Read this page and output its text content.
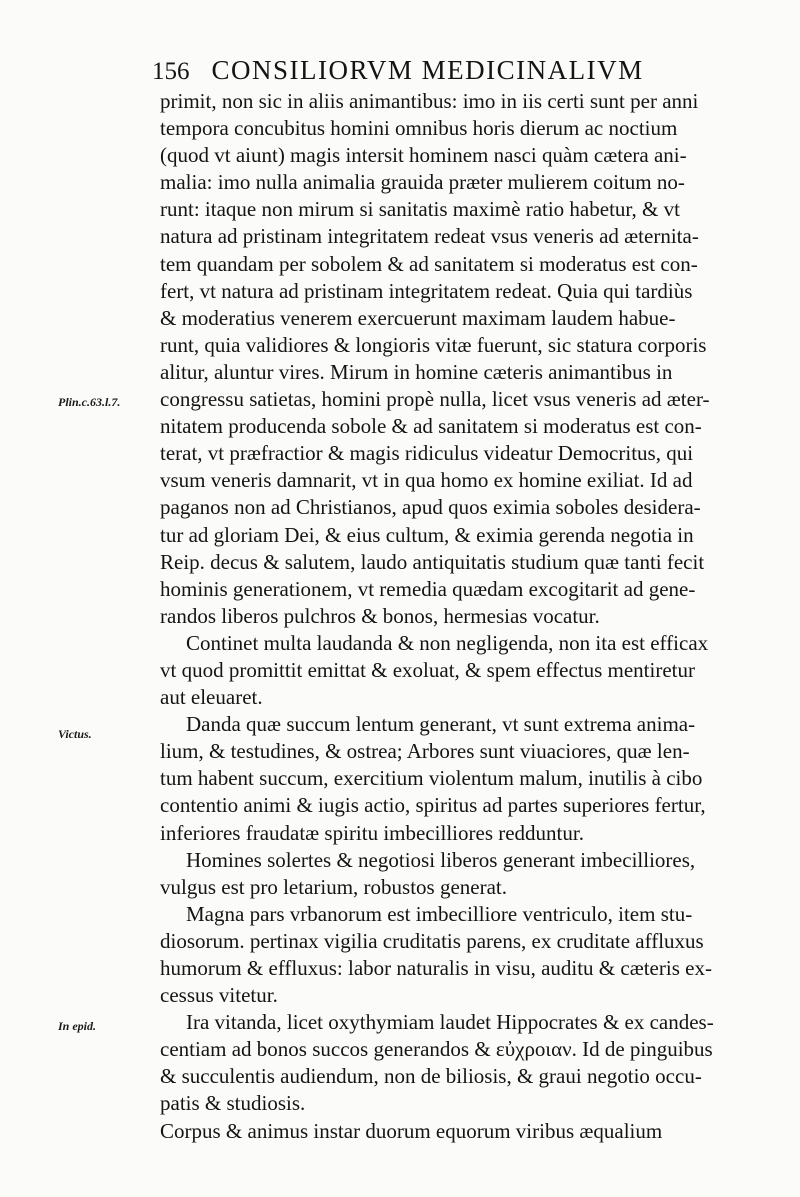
156 CONSILIORVM MEDICINALIVM
Plin.c.63.l.7.
Victus.
In epid.
primit, non sic in aliis animantibus: imo in iis certi sunt per anni
tempora concubitus homini omnibus horis dierum ac noctium
(quod vt aiunt) magis intersit hominem nasci quàm cætera ani-
malia: imo nulla animalia grauida præter mulierem coitum no-
runt: itaque non mirum si sanitatis maximè ratio habetur, & vt
natura ad pristinam integritatem redeat vsus veneris ad æternita-
tem quandam per sobolem & ad sanitatem si moderatus est con-
fert, vt natura ad pristinam integritatem redeat. Quia qui tardiùs
& moderatius venerem exercuerunt maximam laudem habue-
runt, quia validiores & longioris vitæ fuerunt, sic statura corporis
alitur, aluntur vires. Mirum in homine cæteris animantibus in
congressu satietas, homini propè nulla, licet vsus veneris ad æter-
nitatem producenda sobole & ad sanitatem si moderatus est con-
terat, vt præfractior & magis ridiculus videatur Democritus, qui
vsum veneris damnarit, vt in qua homo ex homine exiliat. Id ad
paganos non ad Christianos, apud quos eximia soboles desidera-
tur ad gloriam Dei, & eius cultum, & eximia gerenda negotia in
Reip. decus & salutem, laudo antiquitatis studium quæ tanti fecit
hominis generationem, vt remedia quædam excogitarit ad gene-
randos liberos pulchros & bonos, hermesias vocatur.
Continet multa laudanda & non negligenda, non ita est efficax
vt quod promittit emittat & exoluat, & spem effectus mentiretur
aut eleuaret.
Danda quæ succum lentum generant, vt sunt extrema anima-
lium, & testudines, & ostrea; Arbores sunt viuaciores, quæ len-
tum habent succum, exercitium violentum malum, inutilis à cibo
contentio animi & iugis actio, spiritus ad partes superiores fertur,
inferiores fraudatæ spiritu imbecilliores redduntur.
Homines solertes & negotiosi liberos generant imbecilliores,
vulgus est pro letarium, robustos generat.
Magna pars vrbanorum est imbecilliore ventriculo, item stu-
diosorum. pertinax vigilia cruditatis parens, ex cruditate affluxus
humorum & effluxus: labor naturalis in visu, auditu & cæteris ex-
cessus vitetur.
Ira vitanda, licet oxythymiam laudet Hippocrates & ex candes-
centiam ad bonos succos generandos & εὐχροιαν. Id de pinguibus
& succulentis audiendum, non de biliosis, & graui negotio occu-
patis & studiosis.
Corpus & animus instar duorum equorum viribus æqualium
